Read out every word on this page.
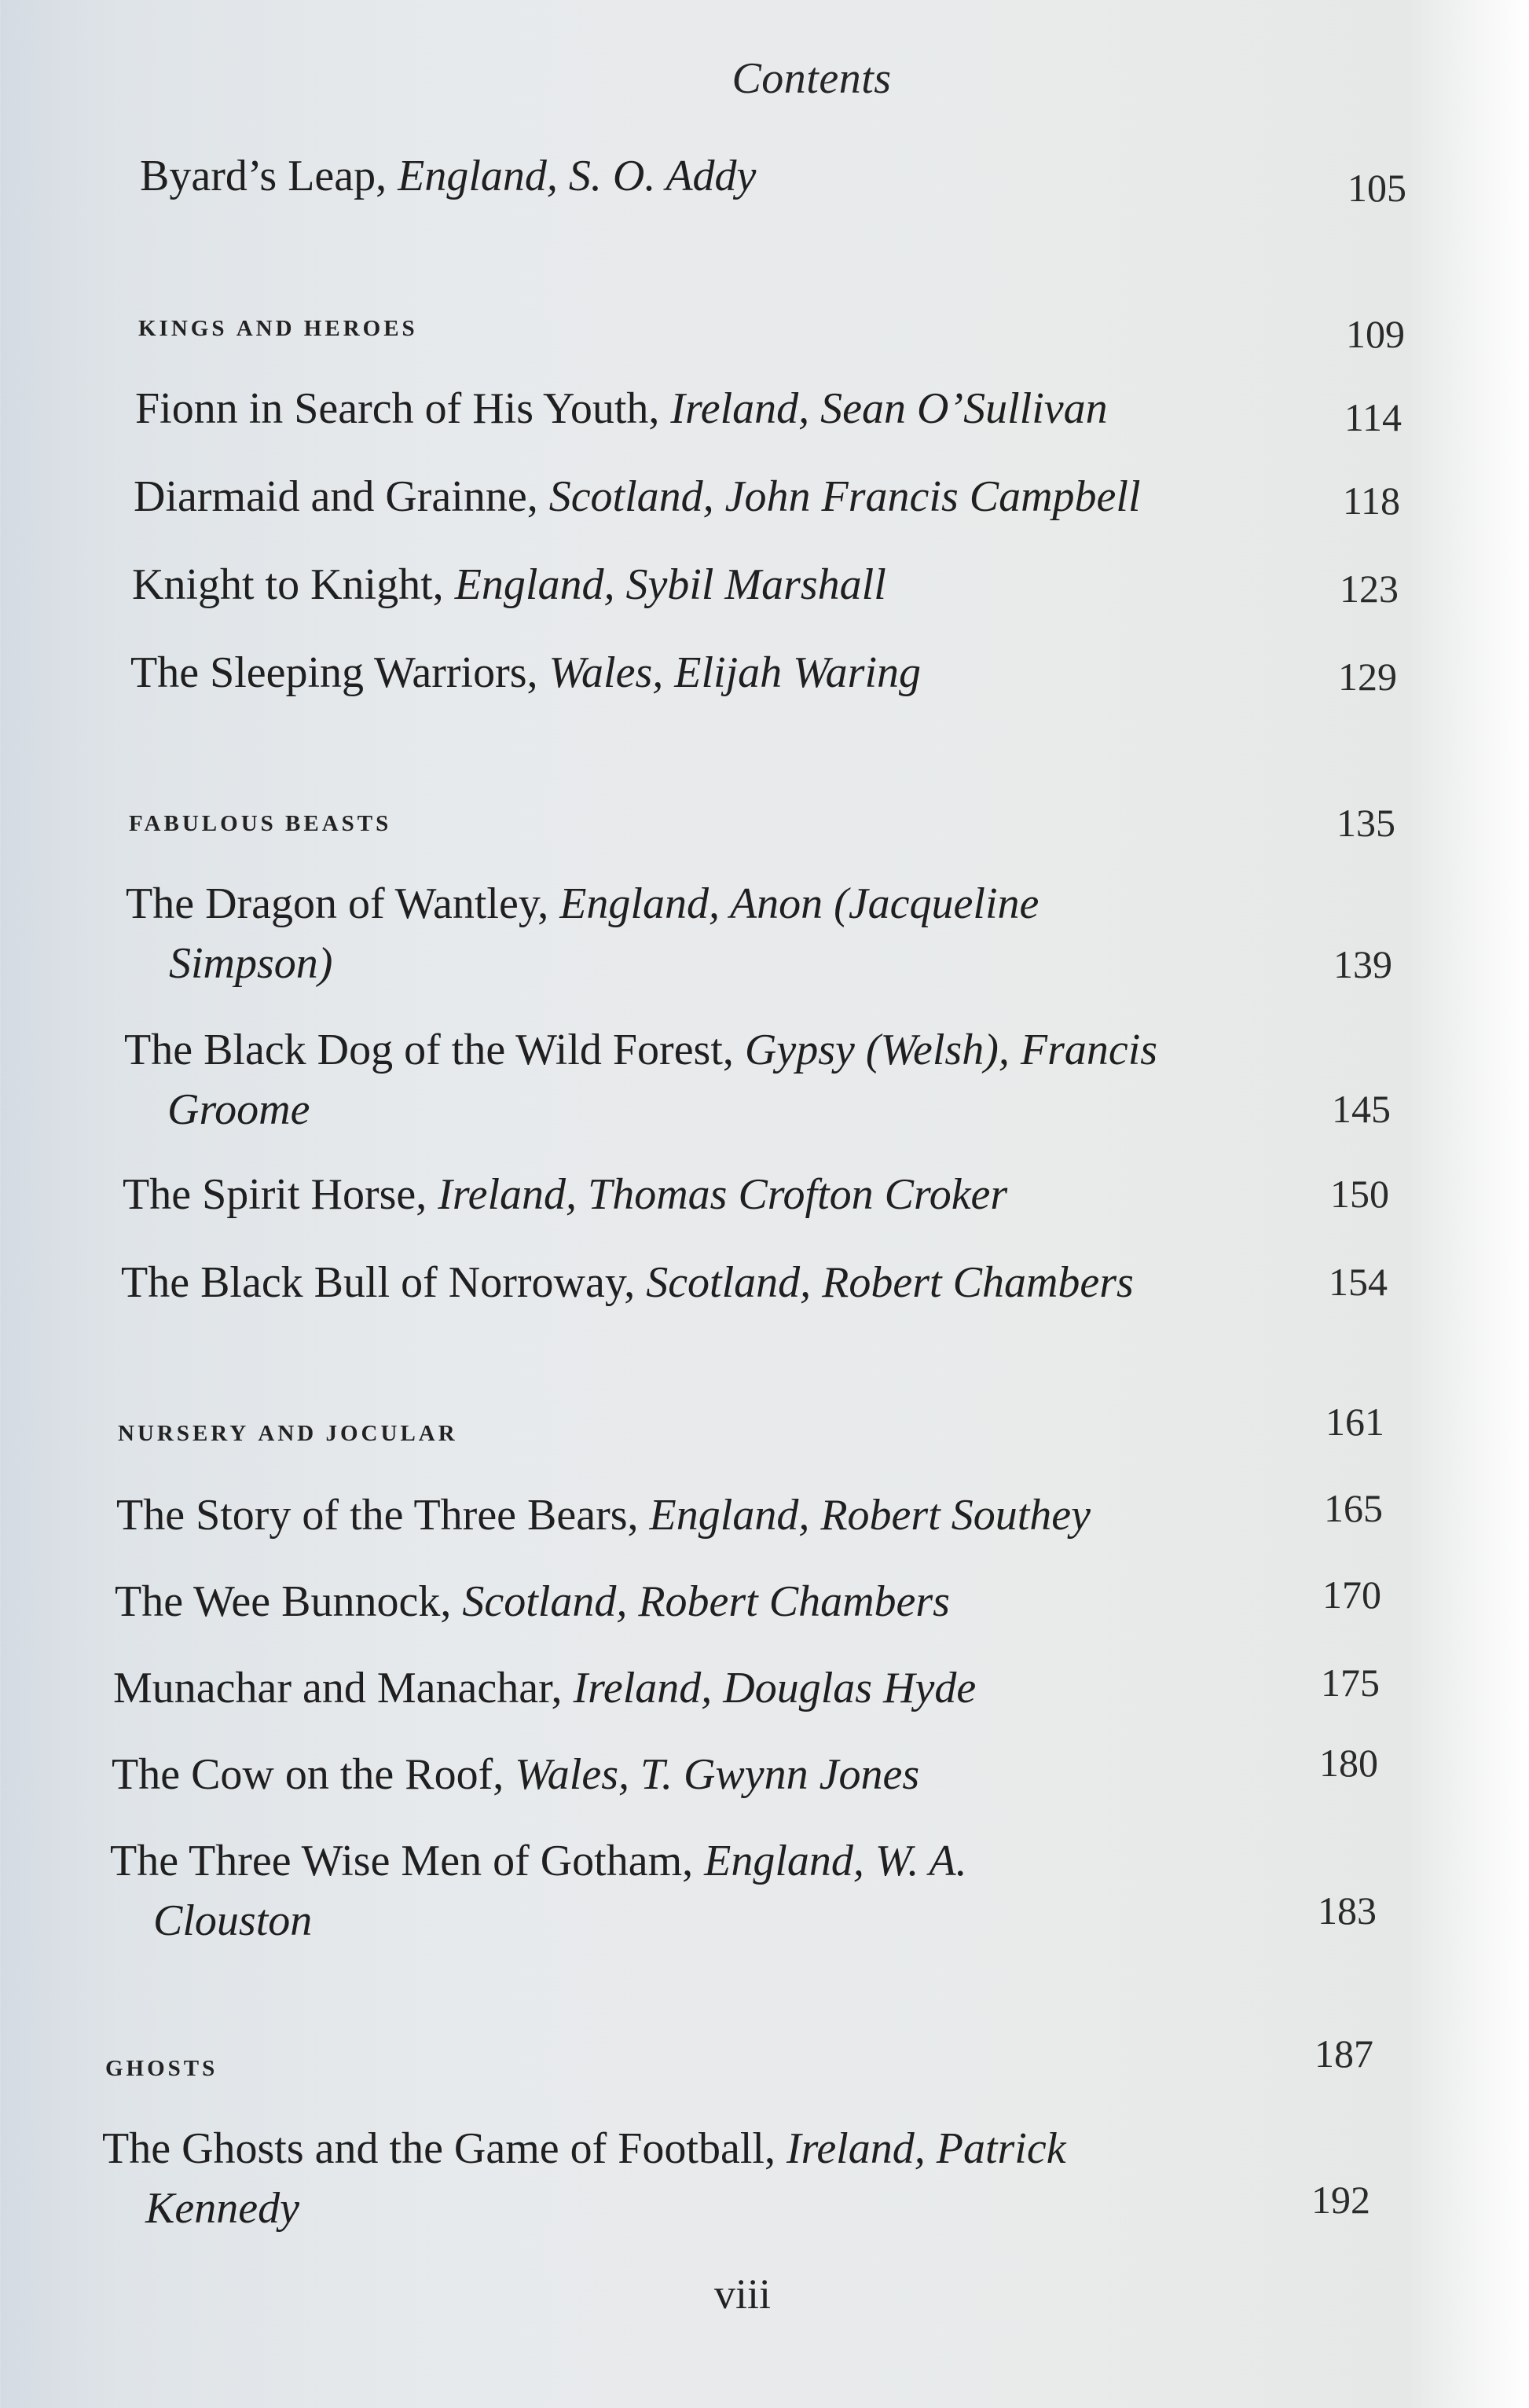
Contents
Byard’s Leap, England, S. O. Addy	105
kings and heroes	109
Fionn in Search of His Youth, Ireland, Sean O’Sullivan	114
Diarmaid and Grainne, Scotland, John Francis Campbell	118
Knight to Knight, England, Sybil Marshall	123
The Sleeping Warriors, Wales, Elijah Waring	129
fabulous beasts	135
The Dragon of Wantley, England, Anon (Jacqueline
Simpson)	139
The Black Dog of the Wild Forest, Gypsy (Welsh), Francis
Groome	145
The Spirit Horse, Ireland, Thomas Crofton Croker	150
The Black Bull of Norroway, Scotland, Robert Chambers	154
nursery and jocular	161
The Story of the Three Bears, England, Robert Southey	165
The Wee Bunnock, Scotland, Robert Chambers	170
Munachar and Manachar, Ireland, Douglas Hyde	175
The Cow on the Roof, Wales, T. Gwynn Jones	180
The Three Wise Men of Gotham, England, W. A.
Clouston	183
ghosts	187
The Ghosts and the Game of Football, Ireland, Patrick
Kennedy	192
viii
